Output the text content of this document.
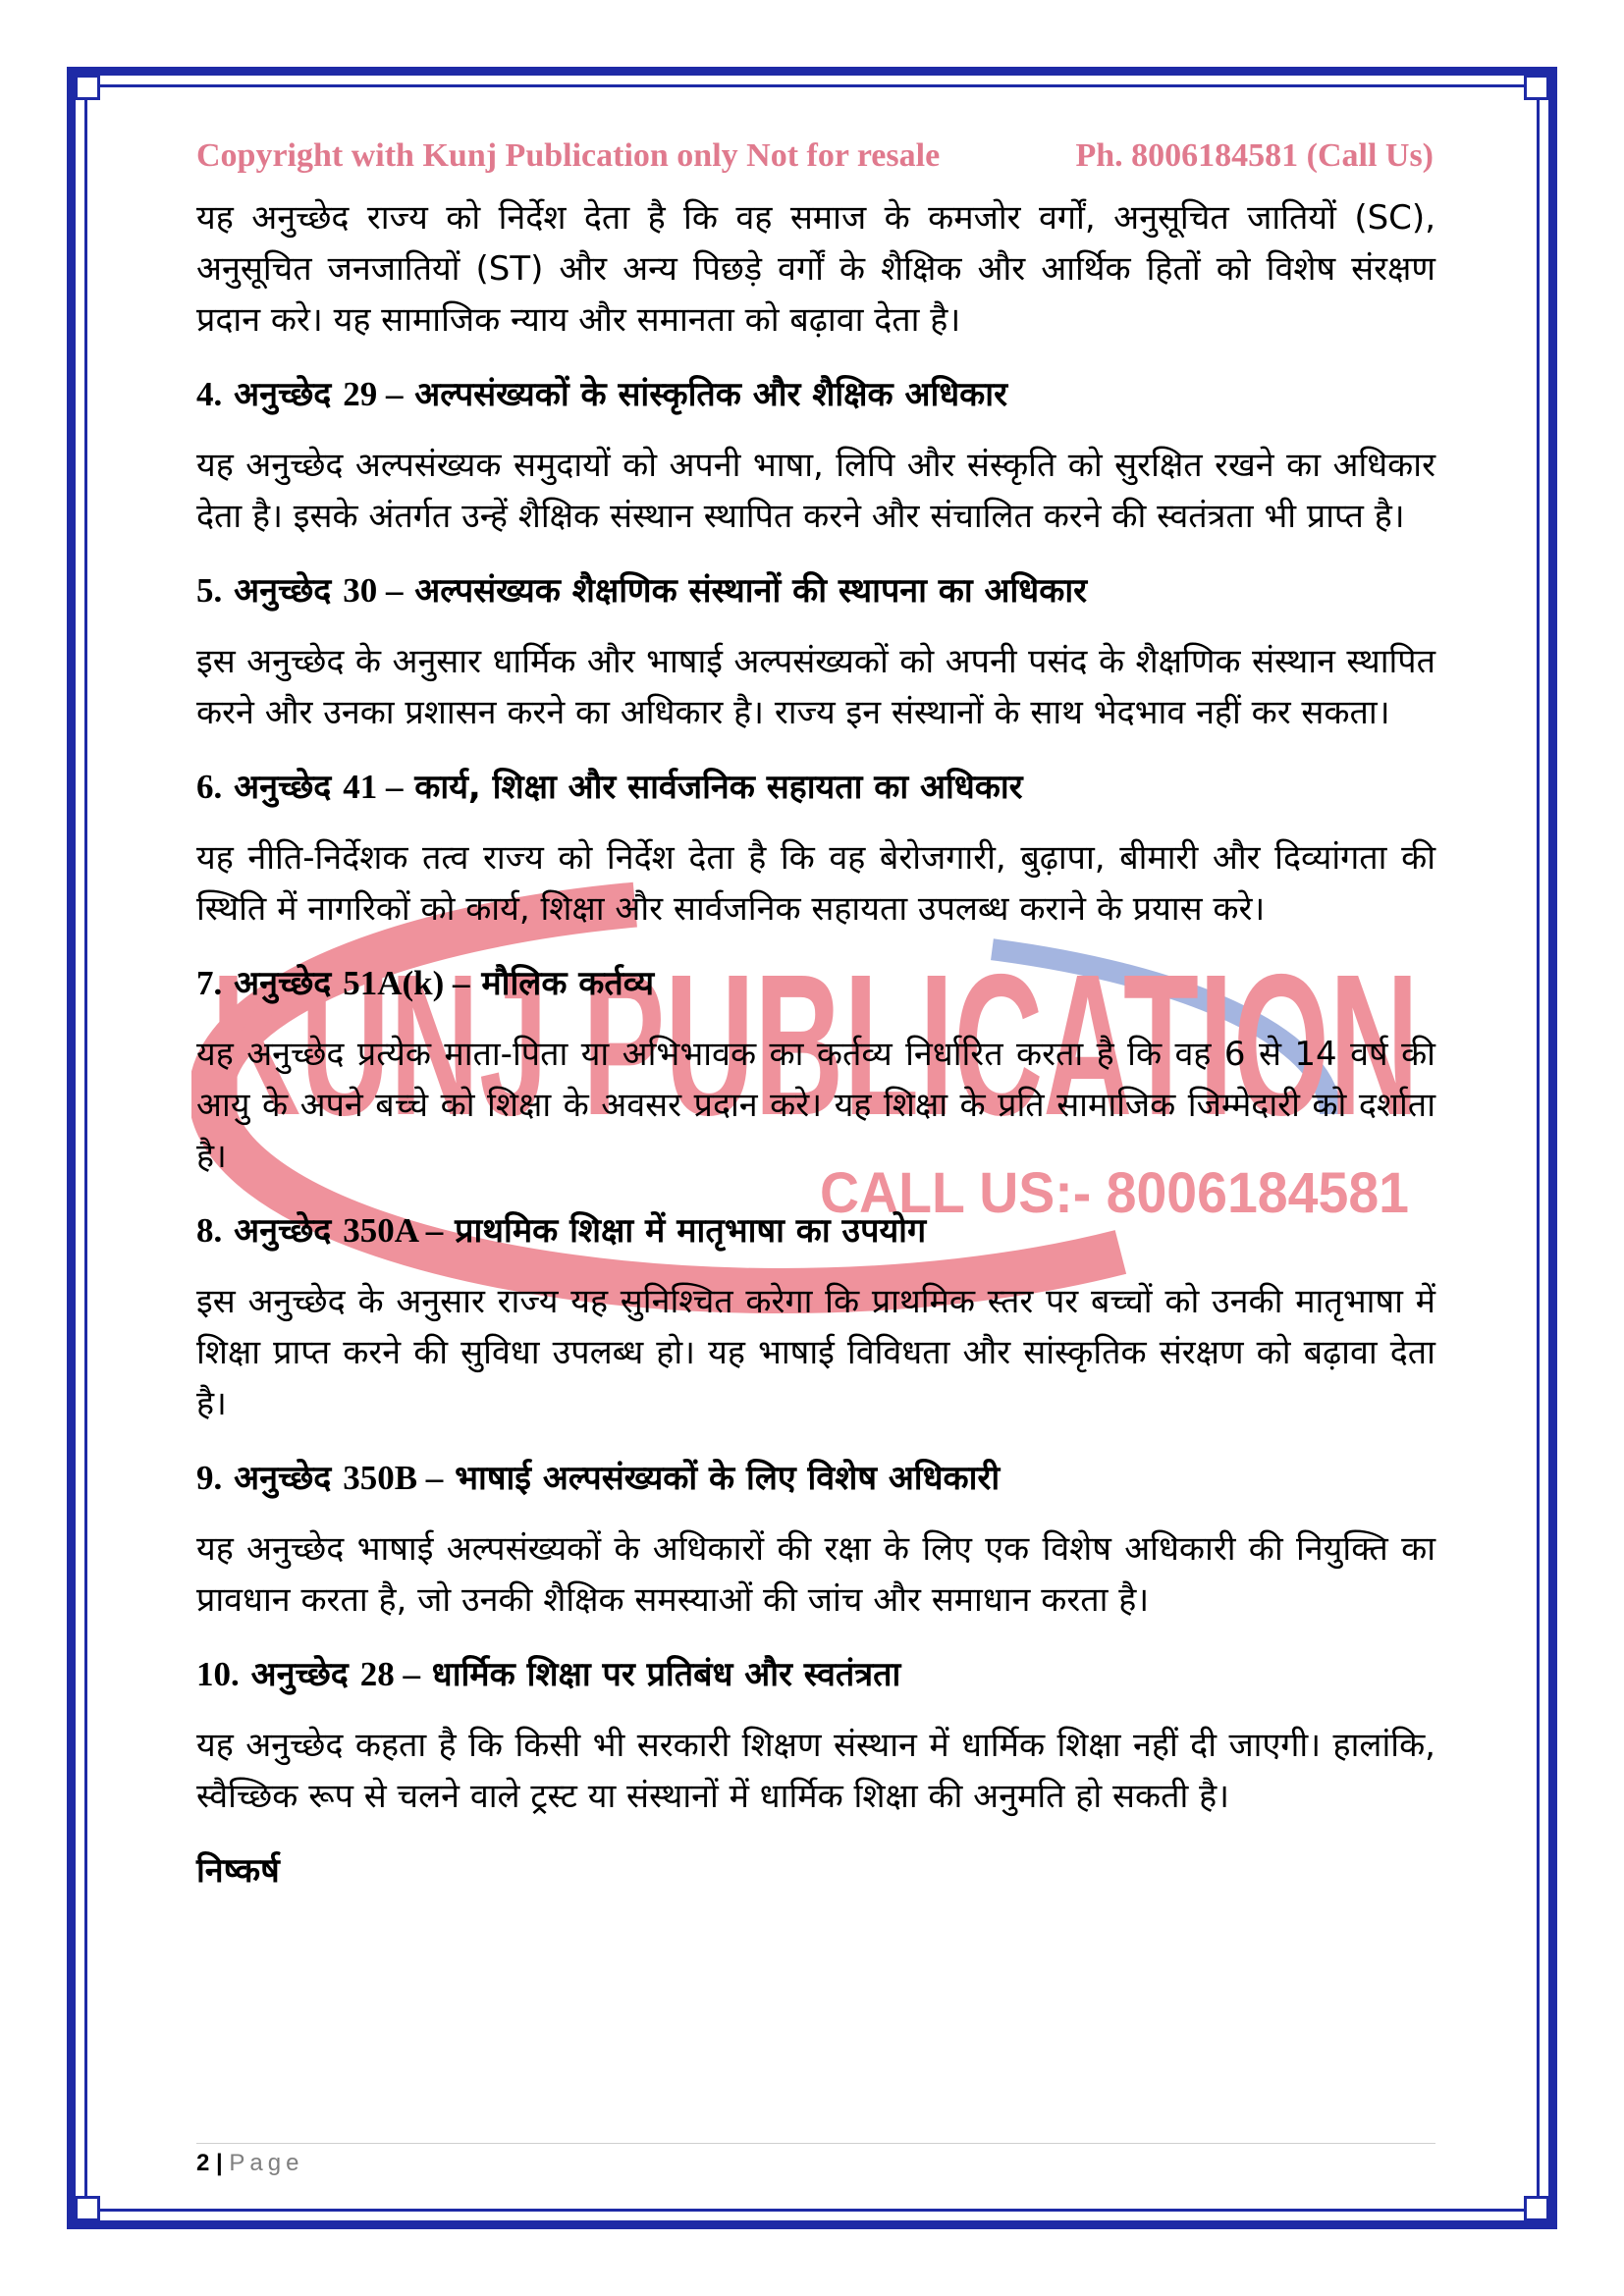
KUNJ PUBLICATION
CALL US:- 8006184581
Copyright with Kunj Publication only Not for resale	Ph. 8006184581 (Call Us)

यह अनुच्छेद राज्य को निर्देश देता है कि वह समाज के कमजोर वर्गों, अनुसूचित जातियों (SC), अनुसूचित जनजातियों (ST) और अन्य पिछड़े वर्गों के शैक्षिक और आर्थिक हितों को विशेष संरक्षण प्रदान करे। यह सामाजिक न्याय और समानता को बढ़ावा देता है।

4. अनुच्छेद 29 – अल्पसंख्यकों के सांस्कृतिक और शैक्षिक अधिकार

यह अनुच्छेद अल्पसंख्यक समुदायों को अपनी भाषा, लिपि और संस्कृति को सुरक्षित रखने का अधिकार देता है। इसके अंतर्गत उन्हें शैक्षिक संस्थान स्थापित करने और संचालित करने की स्वतंत्रता भी प्राप्त है।

5. अनुच्छेद 30 – अल्पसंख्यक शैक्षणिक संस्थानों की स्थापना का अधिकार

इस अनुच्छेद के अनुसार धार्मिक और भाषाई अल्पसंख्यकों को अपनी पसंद के शैक्षणिक संस्थान स्थापित करने और उनका प्रशासन करने का अधिकार है। राज्य इन संस्थानों के साथ भेदभाव नहीं कर सकता।

6. अनुच्छेद 41 – कार्य, शिक्षा और सार्वजनिक सहायता का अधिकार

यह नीति-निर्देशक तत्व राज्य को निर्देश देता है कि वह बेरोजगारी, बुढ़ापा, बीमारी और दिव्यांगता की स्थिति में नागरिकों को कार्य, शिक्षा और सार्वजनिक सहायता उपलब्ध कराने के प्रयास करे।

7. अनुच्छेद 51A(k) – मौलिक कर्तव्य

यह अनुच्छेद प्रत्येक माता-पिता या अभिभावक का कर्तव्य निर्धारित करता है कि वह 6 से 14 वर्ष की आयु के अपने बच्चे को शिक्षा के अवसर प्रदान करे। यह शिक्षा के प्रति सामाजिक जिम्मेदारी को दर्शाता है।

8. अनुच्छेद 350A – प्राथमिक शिक्षा में मातृभाषा का उपयोग

इस अनुच्छेद के अनुसार राज्य यह सुनिश्चित करेगा कि प्राथमिक स्तर पर बच्चों को उनकी मातृभाषा में शिक्षा प्राप्त करने की सुविधा उपलब्ध हो। यह भाषाई विविधता और सांस्कृतिक संरक्षण को बढ़ावा देता है।

9. अनुच्छेद 350B – भाषाई अल्पसंख्यकों के लिए विशेष अधिकारी

यह अनुच्छेद भाषाई अल्पसंख्यकों के अधिकारों की रक्षा के लिए एक विशेष अधिकारी की नियुक्ति का प्रावधान करता है, जो उनकी शैक्षिक समस्याओं की जांच और समाधान करता है।

10. अनुच्छेद 28 – धार्मिक शिक्षा पर प्रतिबंध और स्वतंत्रता

यह अनुच्छेद कहता है कि किसी भी सरकारी शिक्षण संस्थान में धार्मिक शिक्षा नहीं दी जाएगी। हालांकि, स्वैच्छिक रूप से चलने वाले ट्रस्ट या संस्थानों में धार्मिक शिक्षा की अनुमति हो सकती है।

निष्कर्ष
2 | Page
